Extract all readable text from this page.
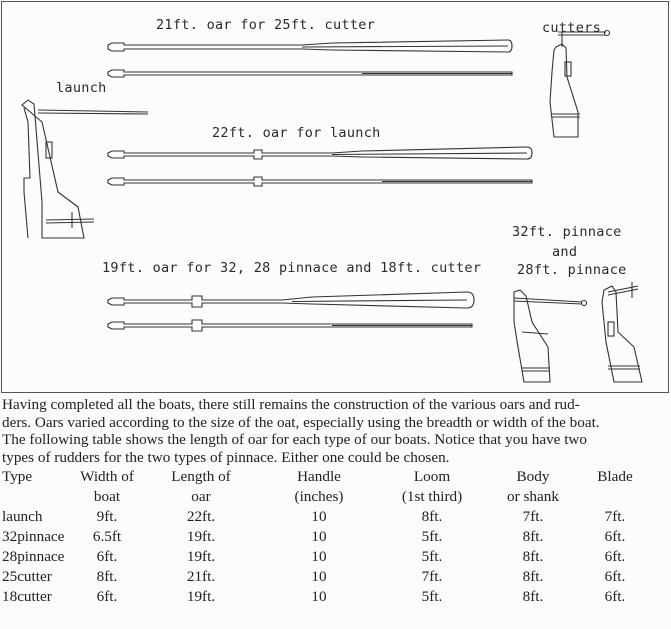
21ft. oar for 25ft. cutter	cutters
launch
22ft. oar for launch
32ft. pinnace
and
28ft. pinnace
19ft. oar for 32, 28 pinnace and 18ft. cutter
Having completed all the boats, there still remains the construction of the various oars and rud-
ders. Oars varied according to the size of the oat, especially using the breadth or width of the boat.
The following table shows the length of oar for each type of our boats. Notice that you have two
types of rudders for the two types of pinnace. Either one could be chosen.
Type	Width of	Length of	Handle	Loom	Body	Blade
	boat	oar	(inches)	(1st third)	or shank	
launch	9ft.	22ft.	10	8ft.	7ft.	7ft.
32pinnace	6.5ft	19ft.	10	5ft.	8ft.	6ft.
28pinnace	6ft.	19ft.	10	5ft.	8ft.	6ft.
25cutter	8ft.	21ft.	10	7ft.	8ft.	6ft.
18cutter	6ft.	19ft.	10	5ft.	8ft.	6ft.
